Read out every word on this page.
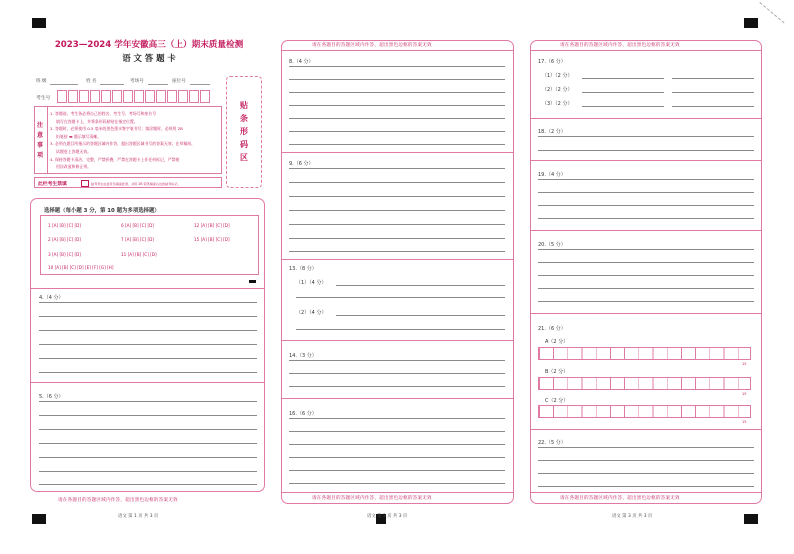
2023—2024 学年安徽高三（上）期末质量检测
语 文 答 题 卡
班 级	姓 名	考场号	座位号
考生号
贴 条 形 码 区
注意事项
1. 答题前，考生务必将自己的姓名、考生号、考场号和座位号
填写在答题卡上，并将条形码粘贴在指定位置。
2. 答题时，必须使用 0.5 毫米的黑色墨水签字笔书写；填涂题时，必须用 2B
铅笔按 ▬ 题示填写清晰。
3. 必须在题目所指示的答题区域内作答，超出答题区域书写的答案无效；在草稿纸、
试题卷上答题无效。
4. 保持答题卡清洁、完整，严禁折叠，严禁在答题卡上作任何标记，严禁使
用涂改液和修正带。
此栏考生禁填	缺考考生由监考员填涂此项，并用 2B 铅笔填涂右边的缺考标记。
选择题（每小题 3 分，第 10 题为多项选择题）
1 [A] [B] [C] [D]	6 [A] [B] [C] [D]	12 [A] [B] [C] [D]
2 [A] [B] [C] [D]	7 [A] [B] [C] [D]	15 [A] [B] [C] [D]
3 [A] [B] [C] [D]	11 [A] [B] [C] [D]
10 [A] [B] [C] [D] [E] [F] [G] [H]
4.（4 分）
5.（6 分）
请在各题目的答题区域内作答，超出黑色边框的答案无效
语文 第 1 页 共 3 页
请在各题目的答题区域内作答，超出黑色边框的答案无效
8.（4 分）
9.（6 分）
13.（8 分）
（1）（4 分）
（2）（4 分）
14.（3 分）
16.（6 分）
请在各题目的答题区域内作答，超出黑色边框的答案无效
语文 第 2 页 共 3 页
请在各题目的答题区域内作答，超出黑色边框的答案无效
17.（6 分）
（1）（2 分）
（2）（2 分）
（3）（2 分）
18.（2 分）
19.（4 分）
20.（5 分）
21.（6 分）
A（2 分）
15
B（2 分）
15
C（2 分）
15
22.（5 分）
请在各题目的答题区域内作答，超出黑色边框的答案无效
语文 第 3 页 共 3 页
